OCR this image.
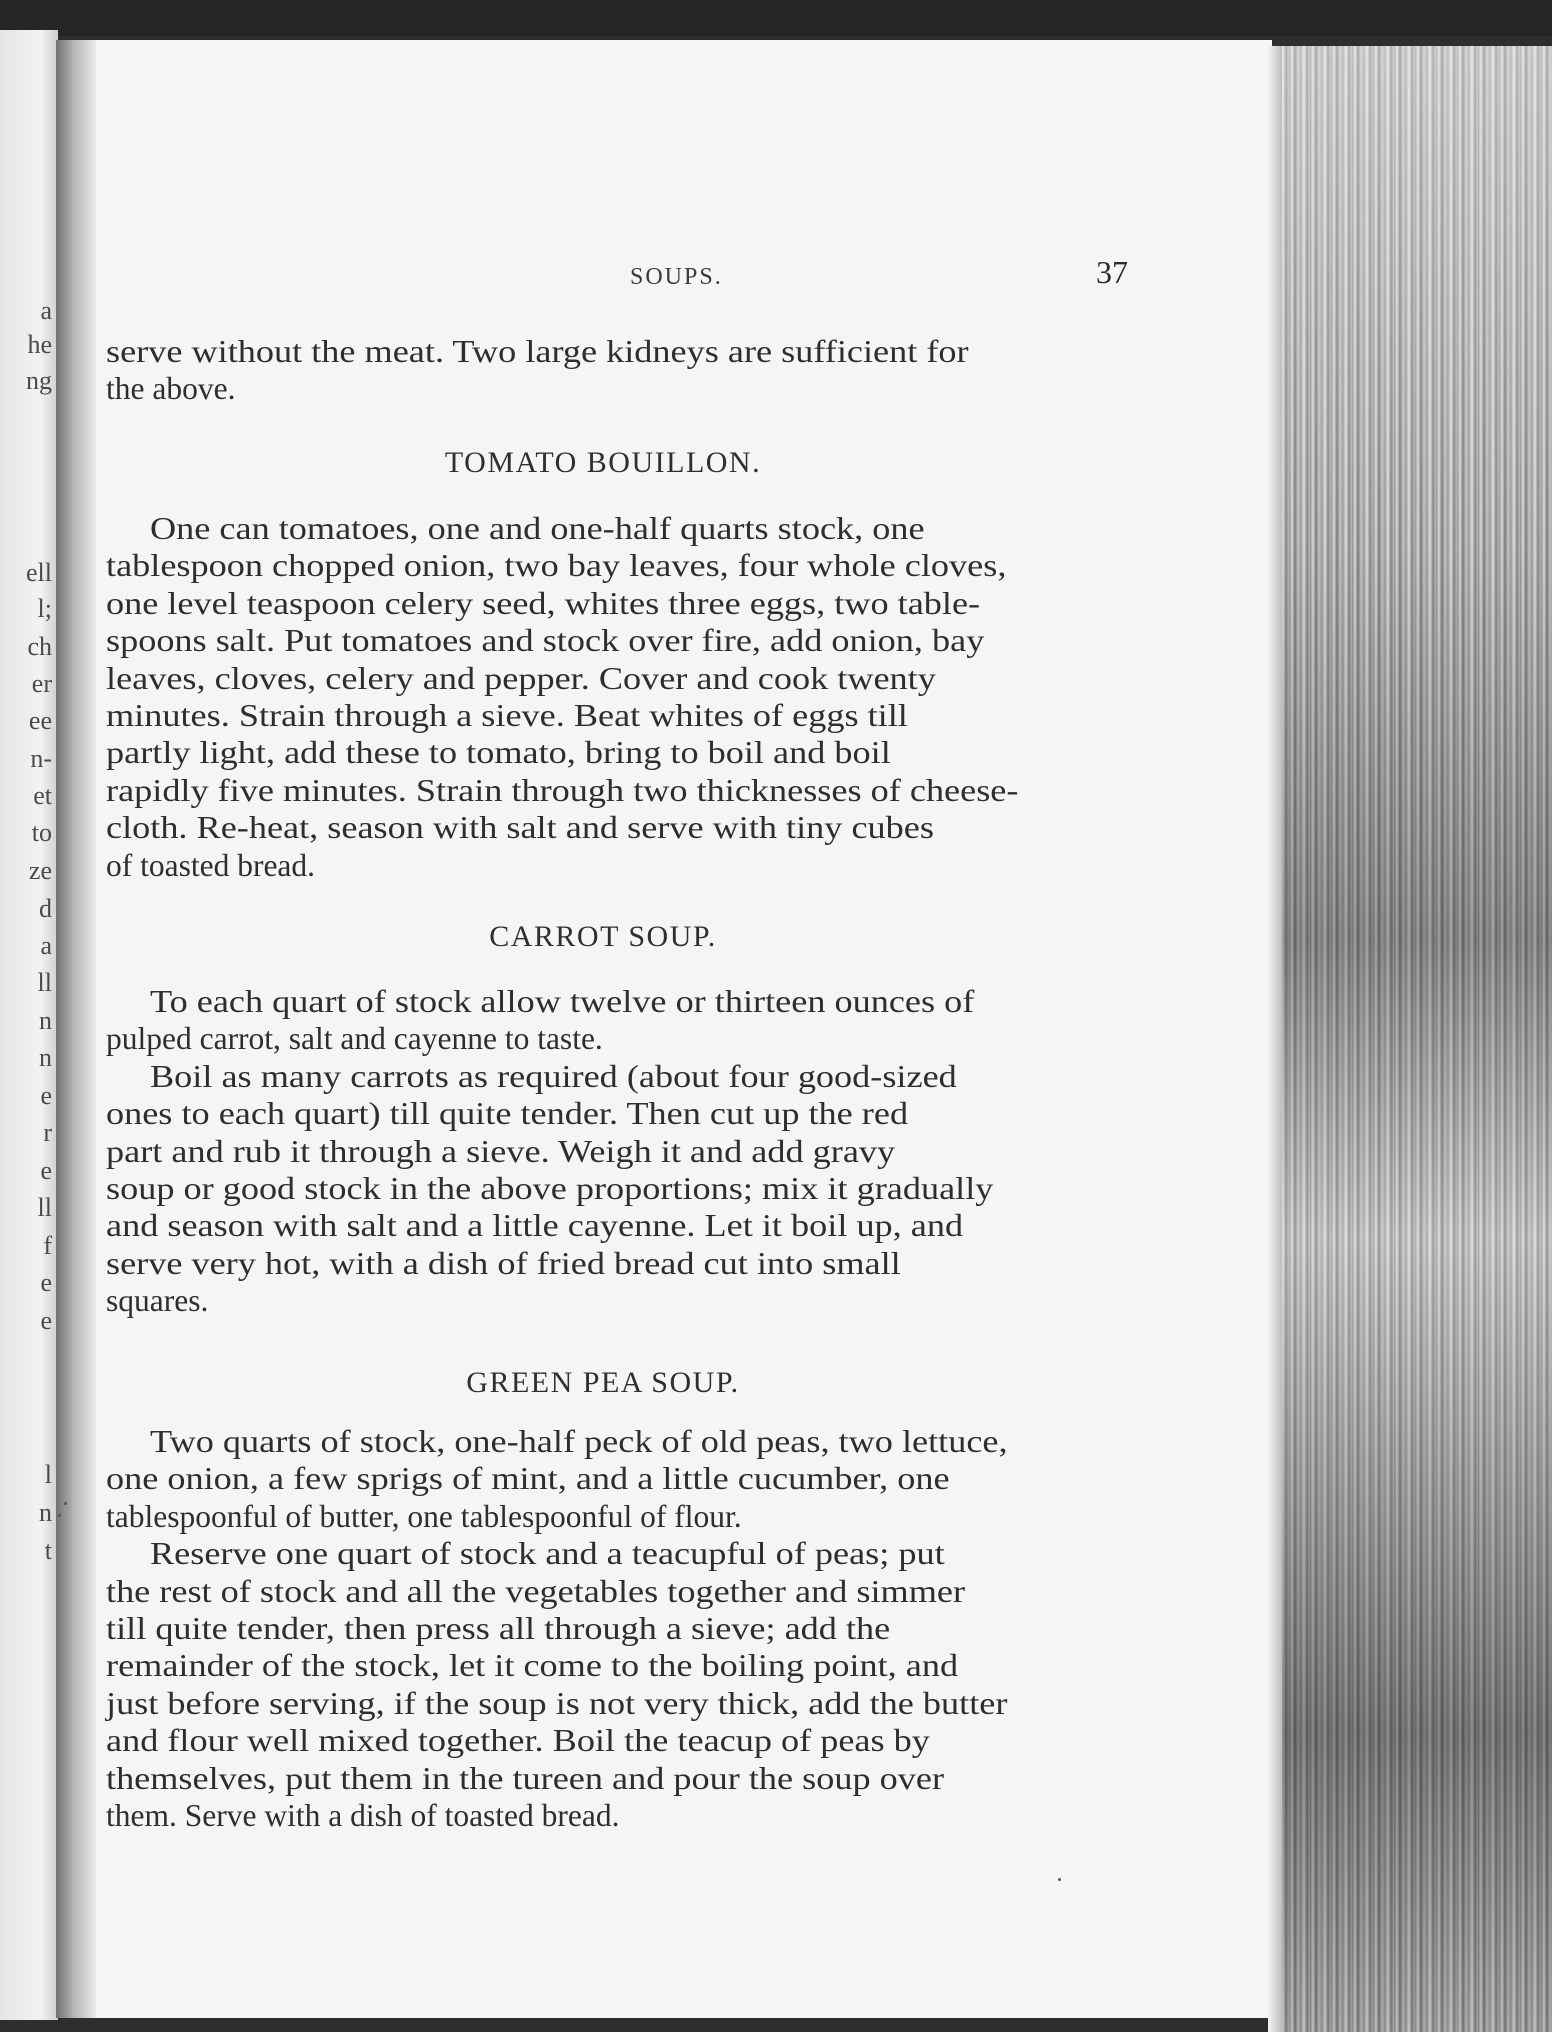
a
he
ng
ell
l;
ch
er
ee
n-
et
to
ze
d
a
ll
n
n
e
r
e
ll
f
e
e
l
n
t
SOUPS.	37
serve without the meat. Two large kidneys are sufficient for
the above.
TOMATO BOUILLON.
One can tomatoes, one and one-half quarts stock, one
tablespoon chopped onion, two bay leaves, four whole cloves,
one level teaspoon celery seed, whites three eggs, two table-
spoons salt. Put tomatoes and stock over fire, add onion, bay
leaves, cloves, celery and pepper. Cover and cook twenty
minutes. Strain through a sieve. Beat whites of eggs till
partly light, add these to tomato, bring to boil and boil
rapidly five minutes. Strain through two thicknesses of cheese-
cloth. Re-heat, season with salt and serve with tiny cubes
of toasted bread.
CARROT SOUP.
To each quart of stock allow twelve or thirteen ounces of
pulped carrot, salt and cayenne to taste.
Boil as many carrots as required (about four good-sized
ones to each quart) till quite tender. Then cut up the red
part and rub it through a sieve. Weigh it and add gravy
soup or good stock in the above proportions; mix it gradually
and season with salt and a little cayenne. Let it boil up, and
serve very hot, with a dish of fried bread cut into small
squares.
GREEN PEA SOUP.
Two quarts of stock, one-half peck of old peas, two lettuce,
one onion, a few sprigs of mint, and a little cucumber, one
tablespoonful of butter, one tablespoonful of flour.
Reserve one quart of stock and a teacupful of peas; put
the rest of stock and all the vegetables together and simmer
till quite tender, then press all through a sieve; add the
remainder of the stock, let it come to the boiling point, and
just before serving, if the soup is not very thick, add the butter
and flour well mixed together. Boil the teacup of peas by
themselves, put them in the tureen and pour the soup over
them. Serve with a dish of toasted bread.
